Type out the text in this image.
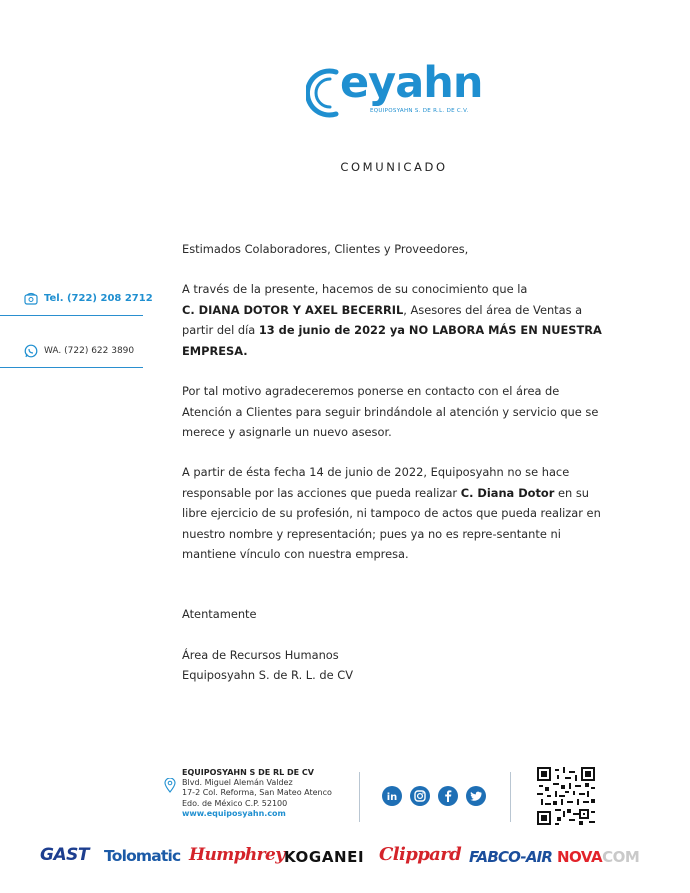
eyahn
EQUIPOSYAHN S. DE R.L. DE C.V.
COMUNICADO
Tel. (722) 208 2712
WA. (722) 622 3890
Estimados Colaboradores, Clientes y Proveedores,
A través de la presente, hacemos de su conocimiento que la
C. DIANA DOTOR Y AXEL BECERRIL, Asesores del área de Ventas a partir del día 13 de junio de 2022 ya NO LABORA MÁS EN NUESTRA EMPRESA.
Por tal motivo agradeceremos ponerse en contacto con el área de Atención a Clientes para seguir brindándole al atención y servicio que se merece y asignarle un nuevo asesor.
A partir de ésta fecha 14 de junio de 2022, Equiposyahn no se hace responsable por las acciones que pueda realizar C. Diana Dotor en su libre ejercicio de su profesión, ni tampoco de actos que pueda realizar en nuestro nombre y representación; pues ya no es repre-sentante ni mantiene vínculo con nuestra empresa.
Atentamente
Área de Recursos Humanos
Equiposyahn S. de R. L. de CV
EQUIPOSYAHN S DE RL DE CV
Blvd. Miguel Alemán Valdez
17-2 Col. Reforma, San Mateo Atenco
Edo. de México C.P. 52100
www.equiposyahn.com
in
GAST Tolomatic Humphrey KOGANEI Clippard FABCO-AIR NOVACOM
